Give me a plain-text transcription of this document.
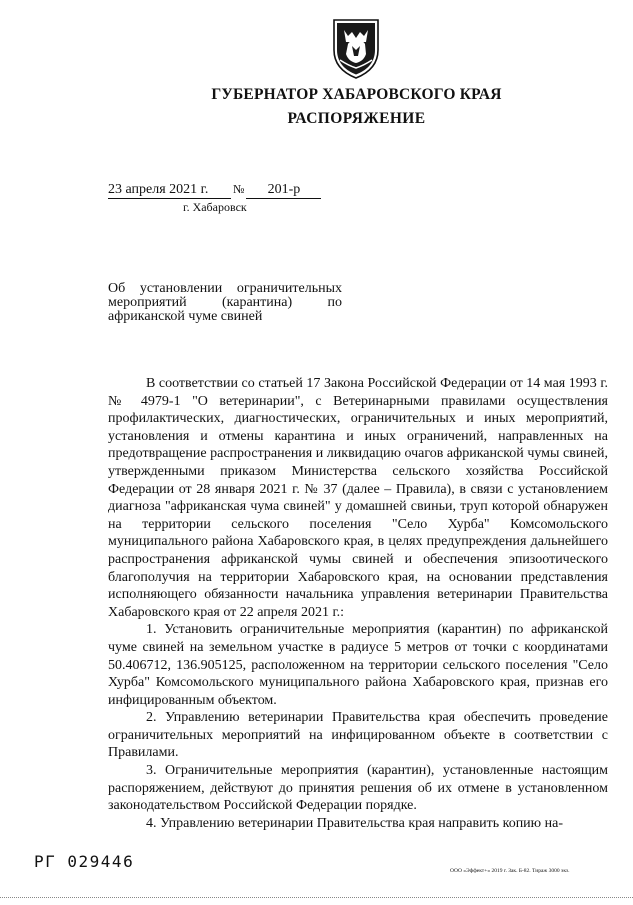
ГУБЕРНАТОР ХАБАРОВСКОГО КРАЯ
РАСПОРЯЖЕНИЕ
23 апреля 2021 г. № 201-р
г. Хабаровск
Об установлении ограничительных мероприятий (карантина) по африканской чуме свиней

В соответствии со статьей 17 Закона Российской Федерации от 14 мая 1993 г. № 4979-1 "О ветеринарии", с Ветеринарными правилами осуществления профилактических, диагностических, ограничительных и иных мероприятий, установления и отмены карантина и иных ограничений, направленных на предотвращение распространения и ликвидацию очагов африканской чумы свиней, утвержденными приказом Министерства сельского хозяйства Российской Федерации от 28 января 2021 г. № 37 (далее – Правила), в связи с установлением диагноза "африканская чума свиней" у домашней свиньи, труп которой обнаружен на территории сельского поселения "Село Хурба" Комсомольского муниципального района Хабаровского края, в целях предупреждения дальнейшего распространения африканской чумы свиней и обеспечения эпизоотического благополучия на территории Хабаровского края, на основании представления исполняющего обязанности начальника управления ветеринарии Правительства Хабаровского края от 22 апреля 2021 г.:

1. Установить ограничительные мероприятия (карантин) по африканской чуме свиней на земельном участке в радиусе 5 метров от точки с координатами 50.406712, 136.905125, расположенном на территории сельского поселения "Село Хурба" Комсомольского муниципального района Хабаровского края, признав его инфицированным объектом.

2. Управлению ветеринарии Правительства края обеспечить проведение ограничительных мероприятий на инфицированном объекте в соответствии с Правилами.

3. Ограничительные мероприятия (карантин), установленные настоящим распоряжением, действуют до принятия решения об их отмене в установленном законодательством Российской Федерации порядке.

4. Управлению ветеринарии Правительства края направить копию на-

РГ 029446	ООО «Эффект+» 2019 г. Зак. Б-82. Тираж 3000 экз.
